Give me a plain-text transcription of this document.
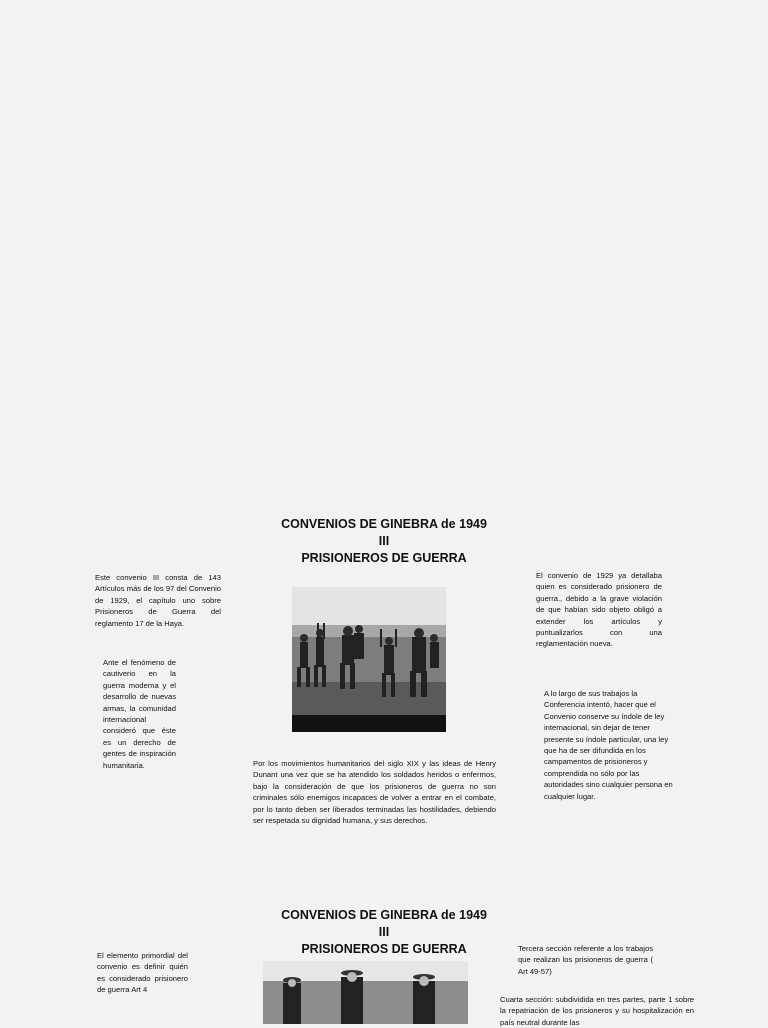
CONVENIOS DE GINEBRA de 1949
III
PRISIONEROS DE GUERRA
Este convenio III consta de 143 Artículos más de los 97 del Convenio de 1929, el capítulo uno sobre Prisioneros de Guerra del reglamento 17 de la Haya.
Ante el fenómeno de cautiverio en la guerra moderna y el desarrollo de nuevas armas, la comunidad internacional consideró que éste es un derecho de gentes de inspiración humanitaria.	Por los movimientos humanitarios del siglo XIX y las ideas de Henry Dunant una vez que se ha atendido los soldados heridos o enfermos, bajo la consideración de que los prisioneros de guerra no son criminales sólo enemigos incapaces de volver a entrar en el combate, por lo tanto deben ser liberados terminadas las hostilidades, debiendo ser respetada su dignidad humana, y sus derechos.
El convenio de 1929 ya detallaba quien es considerado prisionero de guerra., debido a la grave violación de que habían sido objeto obligó a extender los artículos y puntualizarlos con una reglamentación nueva.
A lo largo de sus trabajos la Conferencia intentó, hacer que el Convenio conserve su índole de ley internacional, sin dejar de tener presente su índole particular, una ley que ha de ser difundida en los campamentos de prisioneros y comprendida no sólo por las autoridades sino cualquier persona en cualquier lugar.
CONVENIOS DE GINEBRA de 1949
III
PRISIONEROS DE GUERRA
El elemento primordial del convenio es definir quién es considerado prisionero de guerra Art 4
Tercera sección referente a los trabajos que realizan los prisioneros de guerra ( Art 49-57)
Cuarta sección: subdividida en tres partes, parte 1 sobre la repatriación de los prisioneros y su hospitalización en país neutral durante las
